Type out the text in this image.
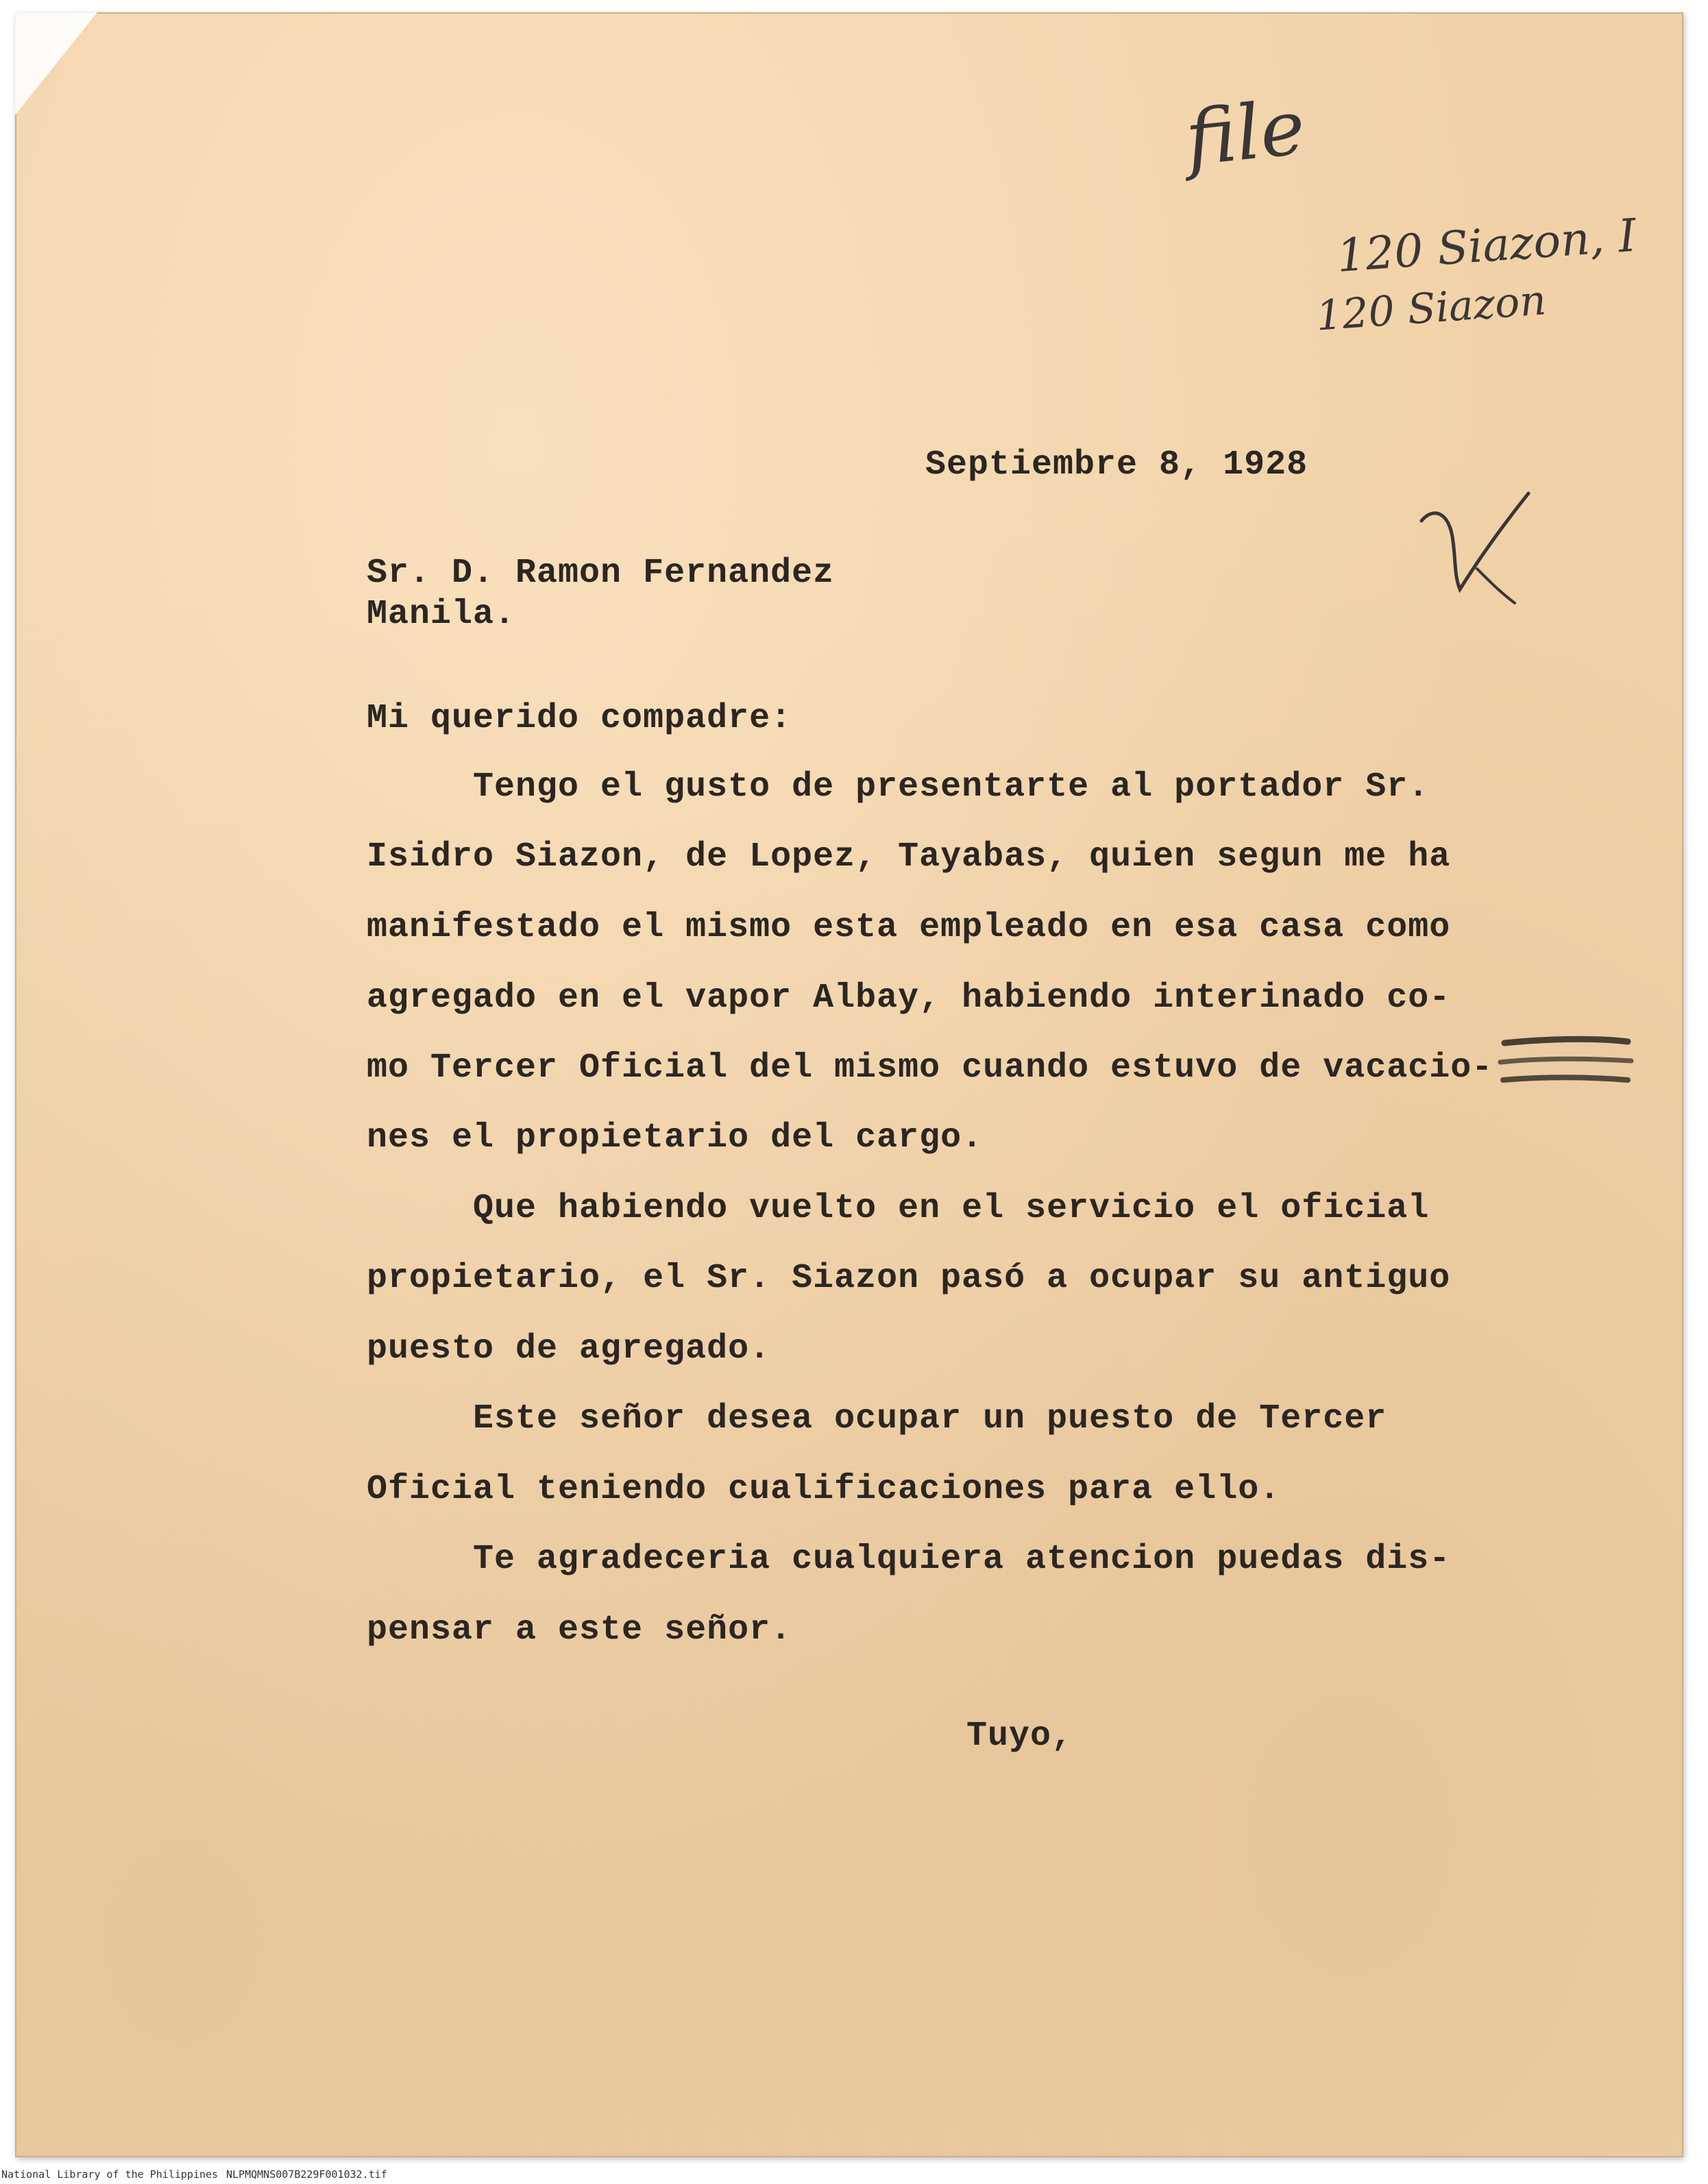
file

120 Siazon, I

120 Siazon

Septiembre 8, 1928

Sr. D. Ramon Fernandez

Manila.

Mi querido compadre:

Tengo el gusto de presentarte al portador Sr.

Isidro Siazon, de Lopez, Tayabas, quien segun me ha

manifestado el mismo esta empleado en esa casa como

agregado en el vapor Albay, habiendo interinado co-

mo Tercer Oficial del mismo cuando estuvo de vacacio-

nes el propietario del cargo.

Que habiendo vuelto en el servicio el oficial

propietario, el Sr. Siazon pasó a ocupar su antiguo

puesto de agregado.

Este señor desea ocupar un puesto de Tercer

Oficial teniendo cualificaciones para ello.

Te agradeceria cualquiera atencion puedas dis-

pensar a este señor.

Tuyo,

National Library of the Philippines NLPMQMNS007B229F001032.tif
